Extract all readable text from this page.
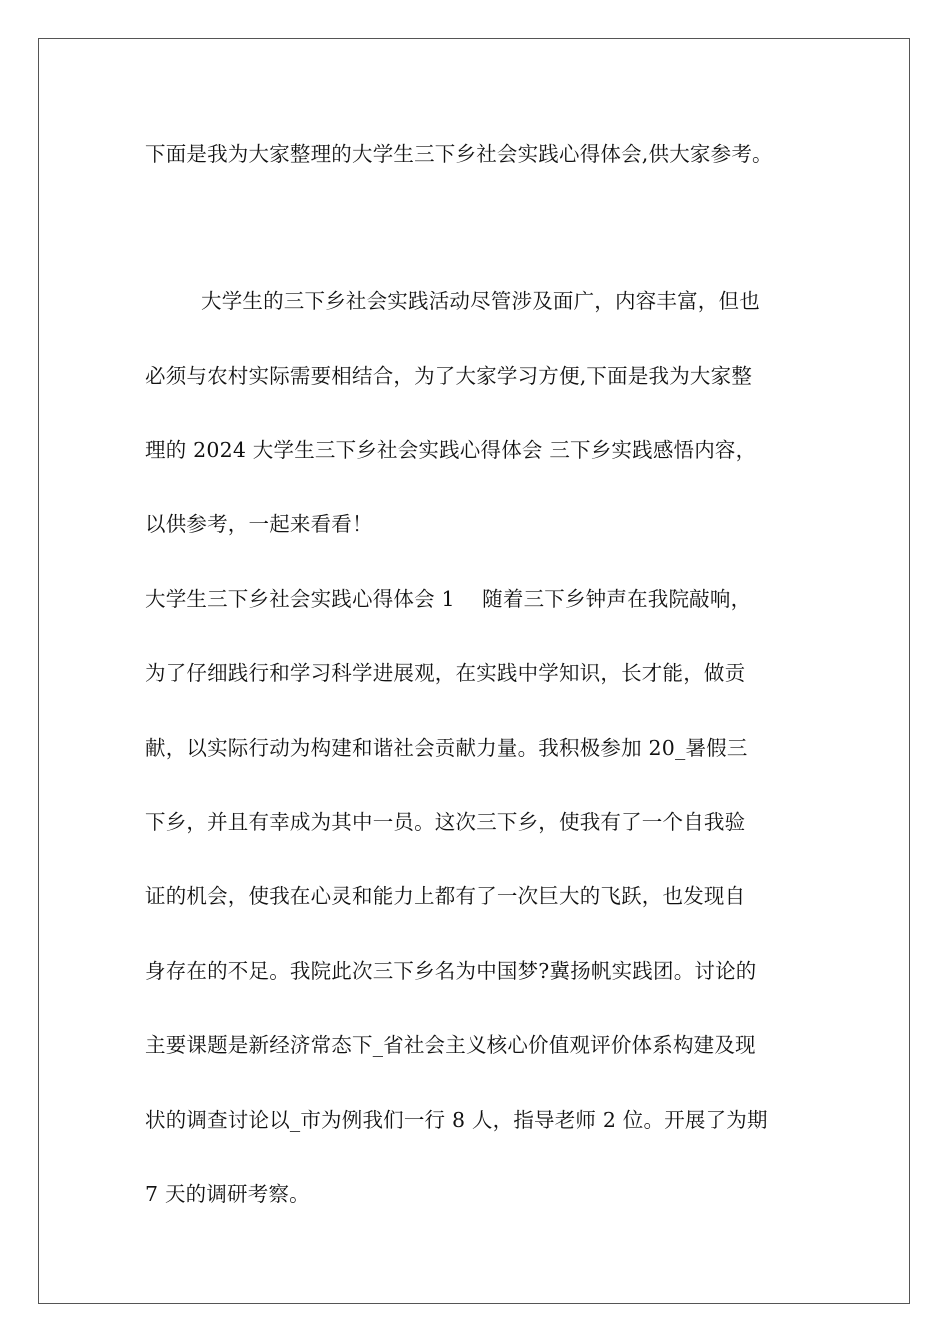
下面是我为大家整理的大学生三下乡社会实践心得体会,供大家参考。
大学生的三下乡社会实践活动尽管涉及面广，内容丰富，但也
必须与农村实际需要相结合，为了大家学习方便,下面是我为大家整
理的 2024 大学生三下乡社会实践心得体会 三下乡实践感悟内容，
以供参考，一起来看看！
大学生三下乡社会实践心得体会 1　 随着三下乡钟声在我院敲响，
为了仔细践行和学习科学进展观，在实践中学知识，长才能，做贡
献，以实际行动为构建和谐社会贡献力量。我积极参加 20_暑假三
下乡，并且有幸成为其中一员。这次三下乡，使我有了一个自我验
证的机会，使我在心灵和能力上都有了一次巨大的飞跃，也发现自
身存在的不足。我院此次三下乡名为中国梦?冀扬帆实践团。讨论的
主要课题是新经济常态下_省社会主义核心价值观评价体系构建及现
状的调查讨论以_市为例我们一行 8 人，指导老师 2 位。开展了为期
7 天的调研考察。
